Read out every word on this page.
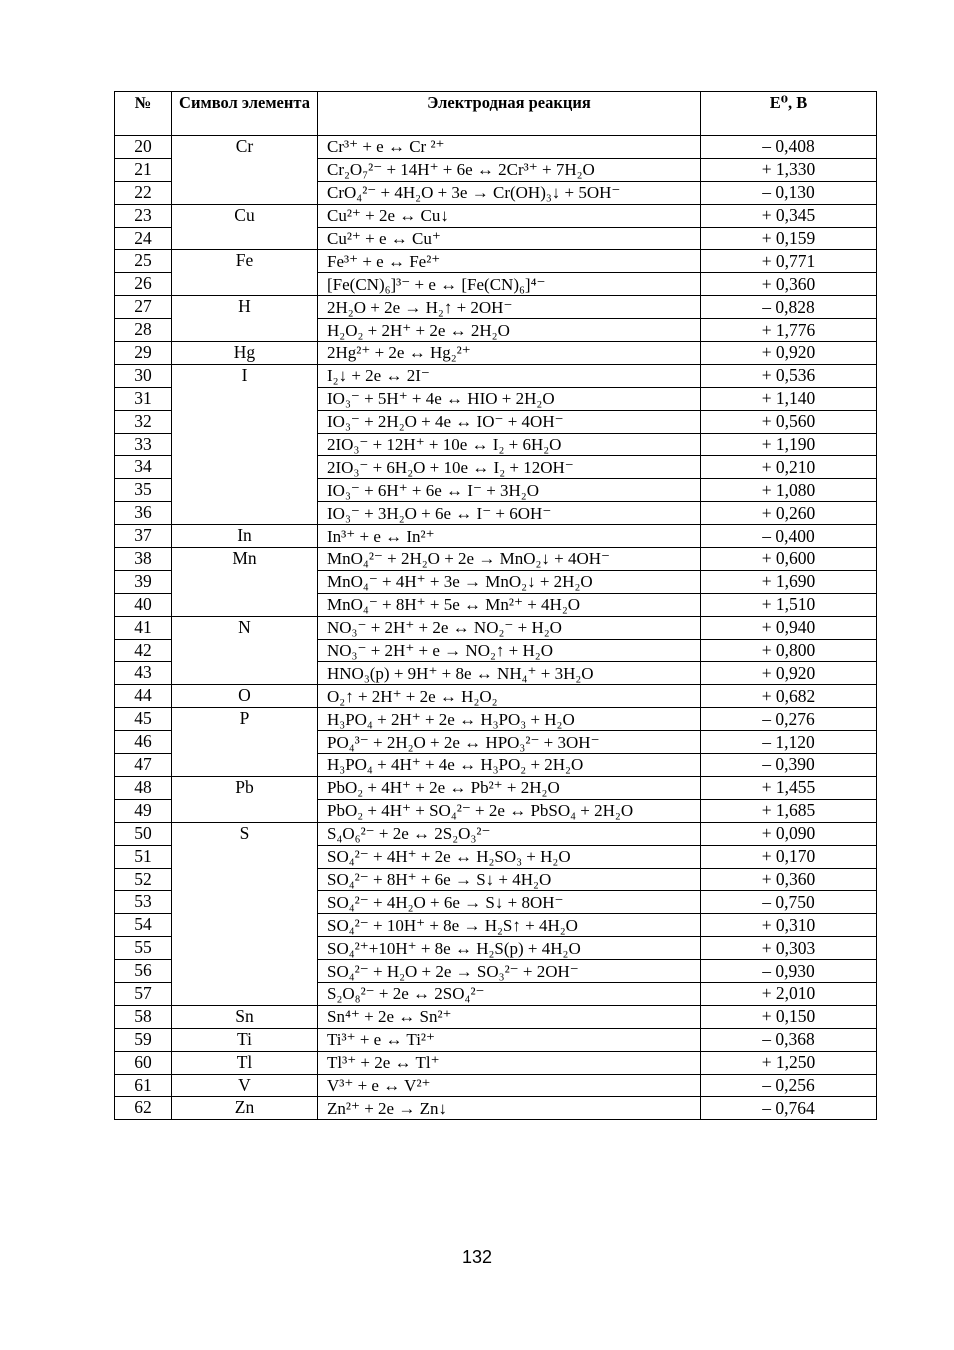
№	Символ элемента	Электродная реакция	E⁰, B
20	Cr	Cr³⁺ + e ↔ Cr ²⁺	– 0,408
21		Cr₂O₇²⁻ + 14H⁺ + 6e ↔ 2Cr³⁺ + 7H₂O	+ 1,330
22		CrO₄²⁻ + 4H₂O + 3e → Cr(OH)₃↓ + 5OH⁻	– 0,130
23	Cu	Cu²⁺ + 2e ↔ Cu↓	+ 0,345
24		Cu²⁺ + e ↔ Cu⁺	+ 0,159
25	Fe	Fe³⁺ + e ↔ Fe²⁺	+ 0,771
26		[Fe(CN)₆]³⁻ + e ↔ [Fe(CN)₆]⁴⁻	+ 0,360
27	H	2H₂O + 2e → H₂↑ + 2OH⁻	– 0,828
28		H₂O₂ + 2H⁺ + 2e ↔ 2H₂O	+ 1,776
29	Hg	2Hg²⁺ + 2e ↔ Hg₂²⁺	+ 0,920
30	I	I₂↓ + 2e ↔ 2I⁻	+ 0,536
31		IO₃⁻ + 5H⁺ + 4e ↔ HIO + 2H₂O	+ 1,140
32		IO₃⁻ + 2H₂O + 4e ↔ IO⁻ + 4OH⁻	+ 0,560
33		2IO₃⁻ + 12H⁺ + 10e ↔ I₂ + 6H₂O	+ 1,190
34		2IO₃⁻ + 6H₂O + 10e ↔ I₂ + 12OH⁻	+ 0,210
35		IO₃⁻ + 6H⁺ + 6e ↔ I⁻ + 3H₂O	+ 1,080
36		IO₃⁻ + 3H₂O + 6e ↔ I⁻ + 6OH⁻	+ 0,260
37	In	In³⁺ + e ↔ In²⁺	– 0,400
38	Mn	MnO₄²⁻ + 2H₂O + 2e → MnO₂↓ + 4OH⁻	+ 0,600
39		MnO₄⁻ + 4H⁺ + 3e → MnO₂↓ + 2H₂O	+ 1,690
40		MnO₄⁻ + 8H⁺ + 5e ↔ Mn²⁺ + 4H₂O	+ 1,510
41	N	NO₃⁻ + 2H⁺ + 2e ↔ NO₂⁻ + H₂O	+ 0,940
42		NO₃⁻ + 2H⁺ + e → NO₂↑ + H₂O	+ 0,800
43		HNO₃(р) + 9H⁺ + 8e ↔ NH₄⁺ + 3H₂O	+ 0,920
44	O	O₂↑ + 2H⁺ + 2e ↔ H₂O₂	+ 0,682
45	P	H₃PO₄ + 2H⁺ + 2e ↔ H₃PO₃ + H₂O	– 0,276
46		PO₄³⁻ + 2H₂O + 2e ↔ HPO₃²⁻ + 3OH⁻	– 1,120
47		H₃PO₄ + 4H⁺ + 4e ↔ H₃PO₂ + 2H₂O	– 0,390
48	Pb	PbO₂ + 4H⁺ + 2e ↔ Pb²⁺ + 2H₂O	+ 1,455
49		PbO₂ + 4H⁺ + SO₄²⁻ + 2e ↔ PbSO₄ + 2H₂O	+ 1,685
50	S	S₄O₆²⁻ + 2e ↔ 2S₂O₃²⁻	+ 0,090
51		SO₄²⁻ + 4H⁺ + 2e ↔ H₂SO₃ + H₂O	+ 0,170
52		SO₄²⁻ + 8H⁺ + 6e → S↓ + 4H₂O	+ 0,360
53		SO₄²⁻ + 4H₂O + 6e → S↓ + 8OH⁻	– 0,750
54		SO₄²⁻ + 10H⁺ + 8e → H₂S↑ + 4H₂O	+ 0,310
55		SO₄²⁺+10H⁺ + 8e ↔ H₂S(р) + 4H₂O	+ 0,303
56		SO₄²⁻ + H₂O + 2e → SO₃²⁻ + 2OH⁻	– 0,930
57		S₂O₈²⁻ + 2e ↔ 2SO₄²⁻	+ 2,010
58	Sn	Sn⁴⁺ + 2e ↔ Sn²⁺	+ 0,150
59	Ti	Ti³⁺ + e ↔ Ti²⁺	– 0,368
60	Tl	Tl³⁺ + 2e ↔ Tl⁺	+ 1,250
61	V	V³⁺ + e ↔ V²⁺	– 0,256
62	Zn	Zn²⁺ + 2e → Zn↓	– 0,764
132
